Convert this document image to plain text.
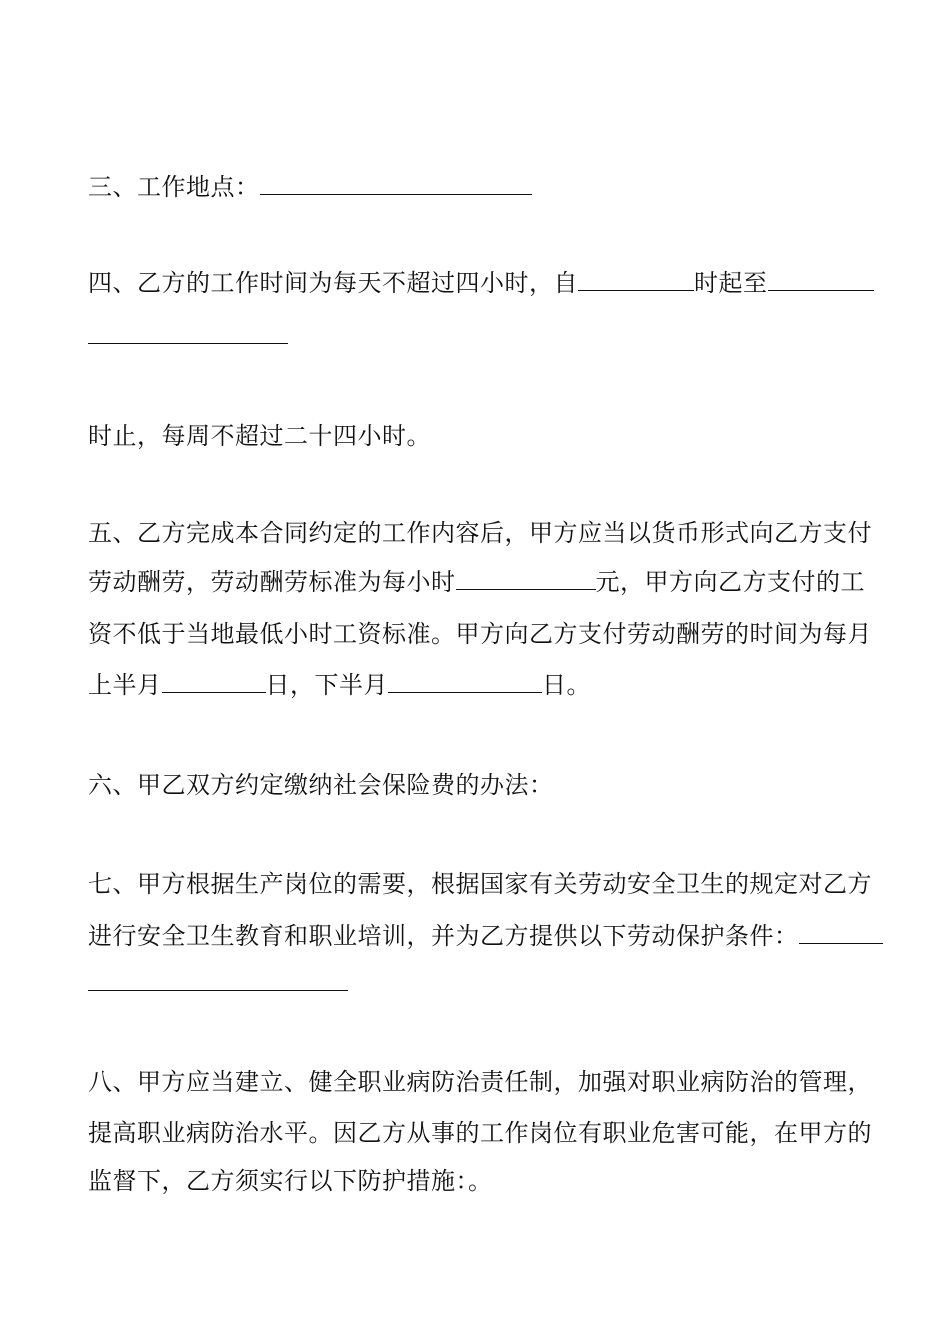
三、工作地点：
四、乙方的工作时间为每天不超过四小时，自	时起至
时止，每周不超过二十四小时。
五、乙方完成本合同约定的工作内容后，甲方应当以货币形式向乙方支付
劳动酬劳，劳动酬劳标准为每小时	元，甲方向乙方支付的工
资不低于当地最低小时工资标准。甲方向乙方支付劳动酬劳的时间为每月
上半月	日，下半月	日。
六、甲乙双方约定缴纳社会保险费的办法：
七、甲方根据生产岗位的需要，根据国家有关劳动安全卫生的规定对乙方
进行安全卫生教育和职业培训，并为乙方提供以下劳动保护条件：
八、甲方应当建立、健全职业病防治责任制，加强对职业病防治的管理，
提高职业病防治水平。因乙方从事的工作岗位有职业危害可能，在甲方的
监督下，乙方须实行以下防护措施：。
